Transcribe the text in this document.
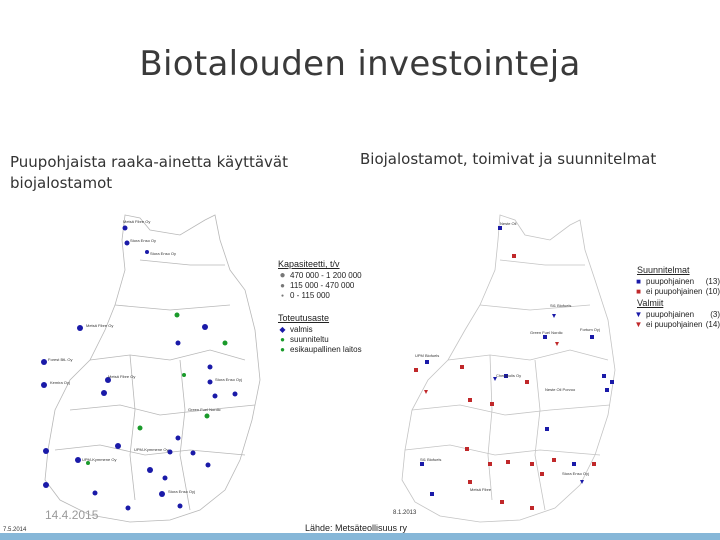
Biotalouden investointeja
Puupohjaista raaka-ainetta käyttävät biojalostamot
Biojalostamot, toimivat ja suunnitelmat
Metsä Fibre Oy
Stora Enso Oy
Metsä Fibre Oy
Stora Enso Oy
Forest BtL Oy
UPM-Kymmene Oy
Stora Enso Oyj
Kemira Oyj
Green Fuel Nordic
Metsä Fibre Oy
UPM-Kymmene Oy
Stora Enso Oyj
Kapasiteetti, t/v
● 470 000 - 1 200 000
● 115 000 - 470 000
● 0 - 115 000
Toteutusaste
◆ valmis
● suunniteltu
● esikaupallinen laitos
Neste Oil
St1 Biofuels
Fortum Oyj
Green Fuel Nordic
UPM Biofuels
Chempolis Oy
Neste Oil Porvoo
St1 Biofuels
Stora Enso Oyj
Metsä Fibre
Suunnitelmat
■ puupohjainen (13)
■ ei puupohjainen (10)
Valmiit
▼ puupohjainen (3)
▼ ei puupohjainen (14)
14.4.2015
7.5.2014
8.1.2013
Lähde: Metsäteollisuus ry
